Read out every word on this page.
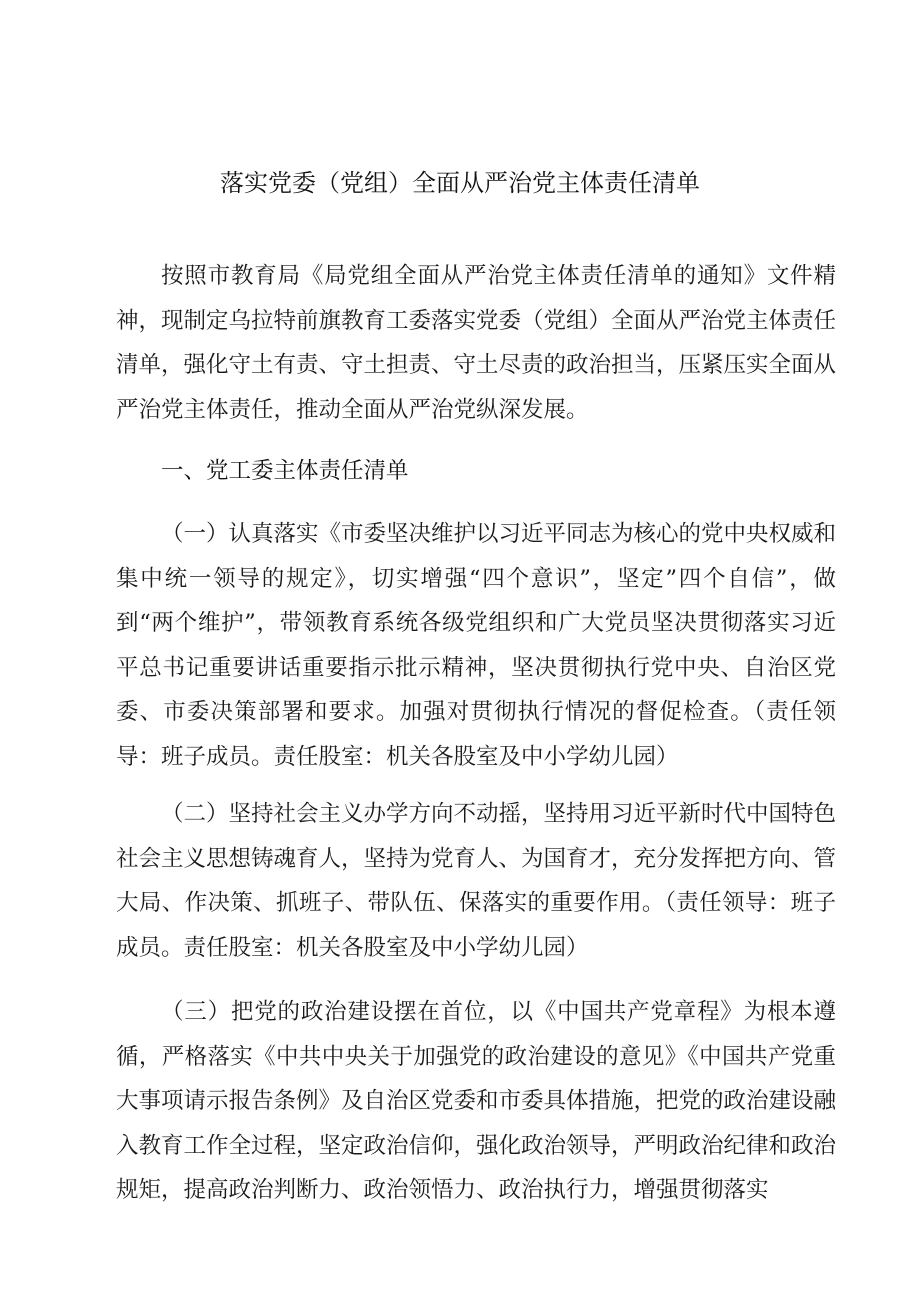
落实党委（党组）全面从严治党主体责任清单

按照市教育局《局党组全面从严治党主体责任清单的通知》文件精神，现制定乌拉特前旗教育工委落实党委（党组）全面从严治党主体责任清单，强化守土有责、守土担责、守土尽责的政治担当，压紧压实全面从严治党主体责任，推动全面从严治党纵深发展。

一、党工委主体责任清单

（一）认真落实《市委坚决维护以习近平同志为核心的党中央权威和集中统一领导的规定》，切实增强“四个意识”，坚定”四个自信”，做到“两个维护”，带领教育系统各级党组织和广大党员坚决贯彻落实习近平总书记重要讲话重要指示批示精神，坚决贯彻执行党中央、自治区党委、市委决策部署和要求。加强对贯彻执行情况的督促检查。（责任领导：班子成员。责任股室：机关各股室及中小学幼儿园）

（二）坚持社会主义办学方向不动摇，坚持用习近平新时代中国特色社会主义思想铸魂育人，坚持为党育人、为国育才，充分发挥把方向、管大局、作决策、抓班子、带队伍、保落实的重要作用。（责任领导：班子成员。责任股室：机关各股室及中小学幼儿园）

（三）把党的政治建设摆在首位，以《中国共产党章程》为根本遵循，严格落实《中共中央关于加强党的政治建设的意见》《中国共产党重大事项请示报告条例》及自治区党委和市委具体措施，把党的政治建设融入教育工作全过程，坚定政治信仰，强化政治领导，严明政治纪律和政治规矩，提高政治判断力、政治领悟力、政治执行力，增强贯彻落实
